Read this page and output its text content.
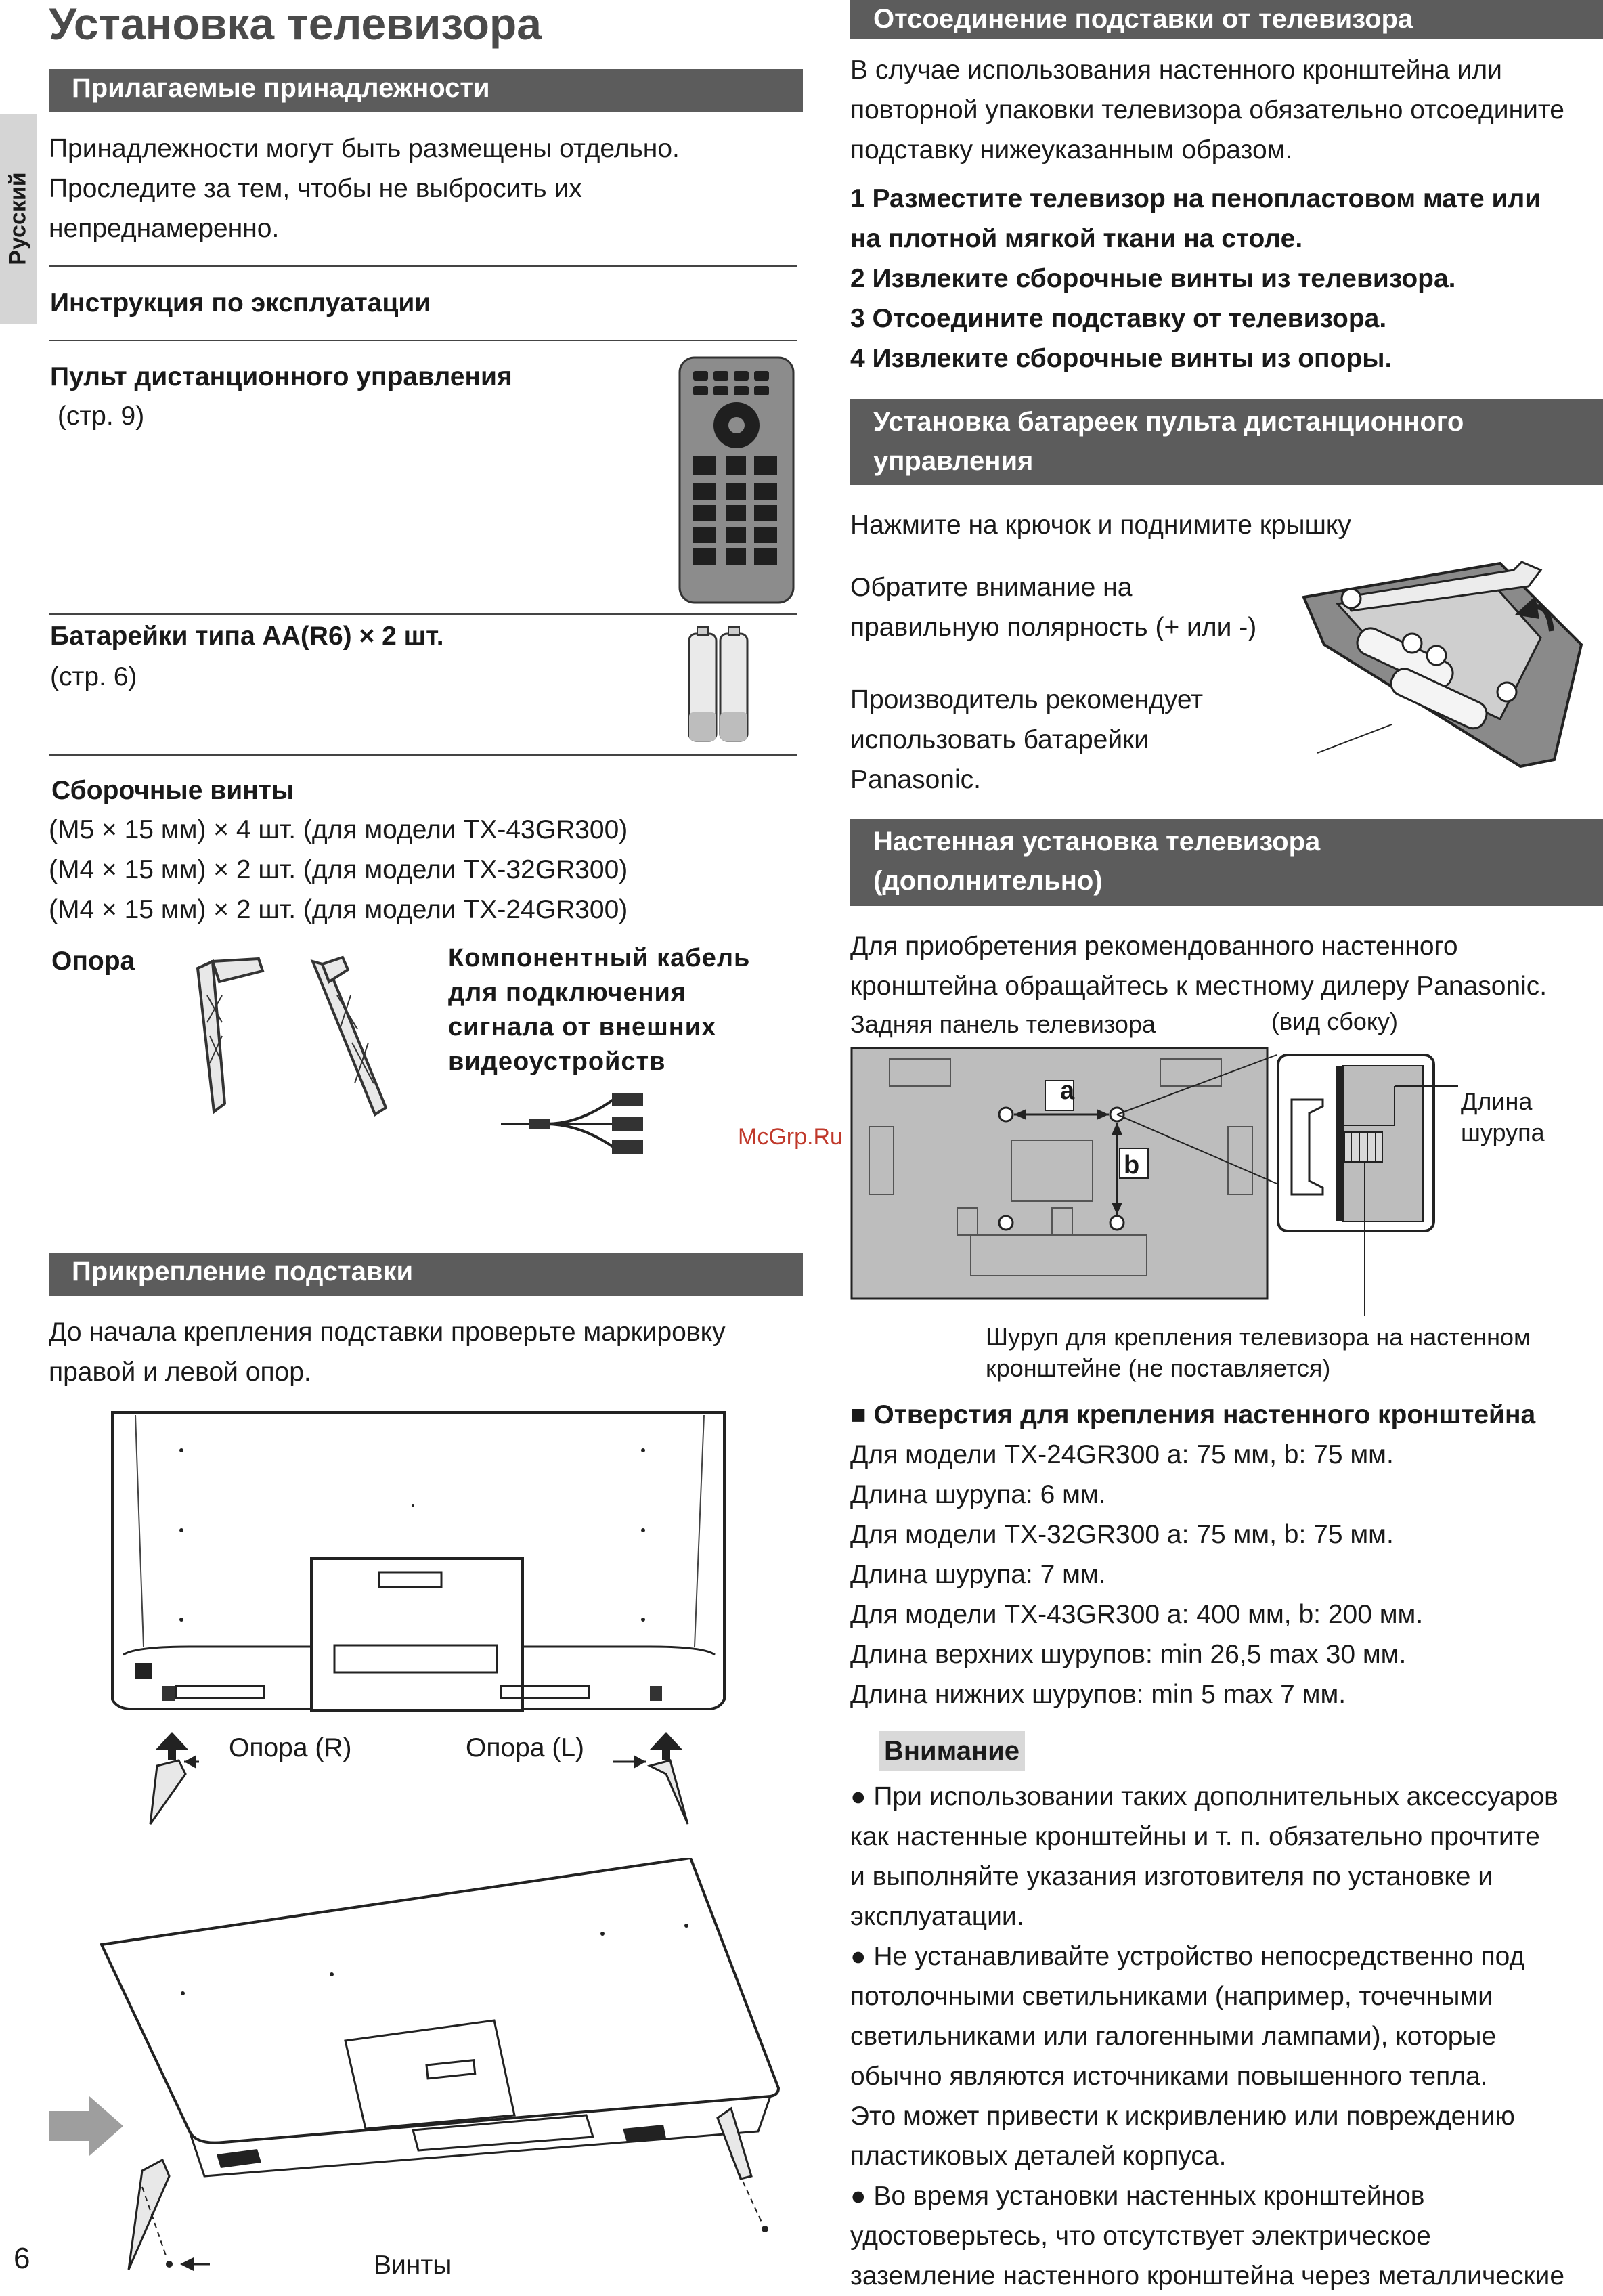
Установка телевизора
Русский
Прилагаемые принадлежности
Принадлежности могут быть размещены отдельно.
Проследите за тем, чтобы не выбросить их
непреднамеренно.
Инструкция по эксплуатации
Пульт дистанционного управления
(стр. 9)
Батарейки типа AA(R6) × 2 шт.
(стр. 6)
Сборочные винты
(M5 × 15 мм) × 4 шт. (для модели TX-43GR300)
(M4 × 15 мм) × 2 шт. (для модели TX-32GR300)
(M4 × 15 мм) × 2 шт. (для модели TX-24GR300)
Опора	Компонентный кабель
для подключения
сигнала от внешних
видеоустройств
Прикрепление подставки
До начала крепления подставки проверьте маркировку
правой и левой опор.
Опора (R)	Опора (L)
Винты
6
Отсоединение подставки от телевизора
В случае использования настенного кронштейна или
повторной упаковки телевизора обязательно отсоедините
подставку нижеуказанным образом.
1 Разместите телевизор на пенопластовом мате или
на плотной мягкой ткани на столе.
2 Извлеките сборочные винты из телевизора.
3 Отсоедините подставку от телевизора.
4 Извлеките сборочные винты из опоры.
Установка батареек пульта дистанционного
управления
Нажмите на крючок и поднимите крышку
Обратите внимание на
правильную полярность (+ или -)
Производитель рекомендует
использовать батарейки
Panasonic.
Настенная установка телевизора
(дополнительно)
Для приобретения рекомендованного настенного
кронштейна обращайтесь к местному дилеру Panasonic.
Задняя панель телевизора	(вид сбоку)
a
b
Длина
шурупа
McGrp.Ru
Шуруп для крепления телевизора на настенном
кронштейне (не поставляется)
■ Отверстия для крепления настенного кронштейна
Для модели TX-24GR300 a: 75 мм, b: 75 мм.
Длина шурупа: 6 мм.
Для модели TX-32GR300 a: 75 мм, b: 75 мм.
Длина шурупа: 7 мм.
Для модели TX-43GR300 a: 400 мм, b: 200 мм.
Длина верхних шурупов: min 26,5 max 30 мм.
Длина нижних шурупов: min 5 max 7 мм.
Внимание
● При использовании таких дополнительных аксессуаров
как настенные кронштейны и т. п. обязательно прочтите
и выполняйте указания изготовителя по установке и
эксплуатации.
● Не устанавливайте устройство непосредственно под
потолочными светильниками (например, точечными
светильниками или галогенными лампами), которые
обычно являются источниками повышенного тепла.
Это может привести к искривлению или повреждению
пластиковых деталей корпуса.
● Во время установки настенных кронштейнов
удостоверьтесь, что отсутствует электрическое
заземление настенного кронштейна через металлические
